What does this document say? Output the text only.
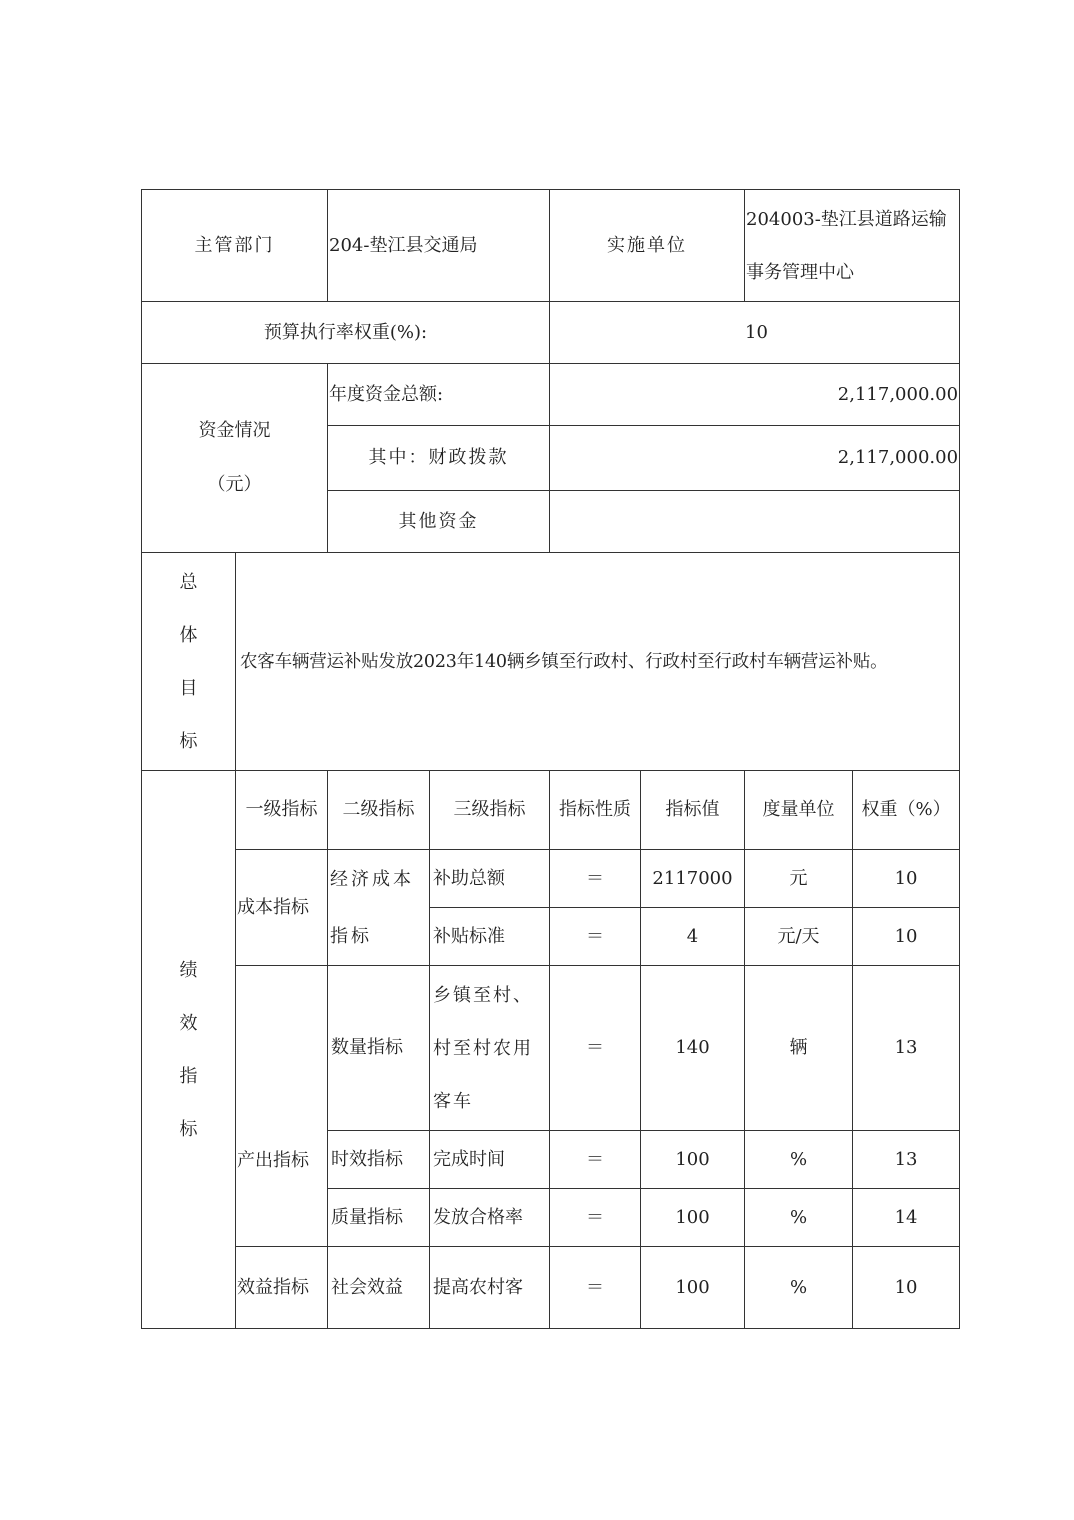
主管部门		204-垫江县交通局		实施单位		204003-垫江县道路运输事务管理中心	
预算执行率权重(%):				10			

资金情况
（元）		年度资金总额:		2,117,000.00			
		其中：财政拨款		2,117,000.00			
		其他资金					
总体目标	农客车辆营运补贴发放2023年140辆乡镇至行政村、行政村至行政村车辆营运补贴。						
绩效指标	一级指标	二级指标	三级指标	指标性质	指标值	度量单位	权重（%）
	成本指标	经济成本指标	补助总额	＝	2117000	元	10
			补贴标准	＝	4	元/天	10
	产出指标	数量指标	乡镇至村、村至村农用客车	＝	140	辆	13
		时效指标	完成时间	＝	100	%	13
		质量指标	发放合格率	＝	100	%	14
	效益指标	社会效益	提高农村客	＝	100	%	10
